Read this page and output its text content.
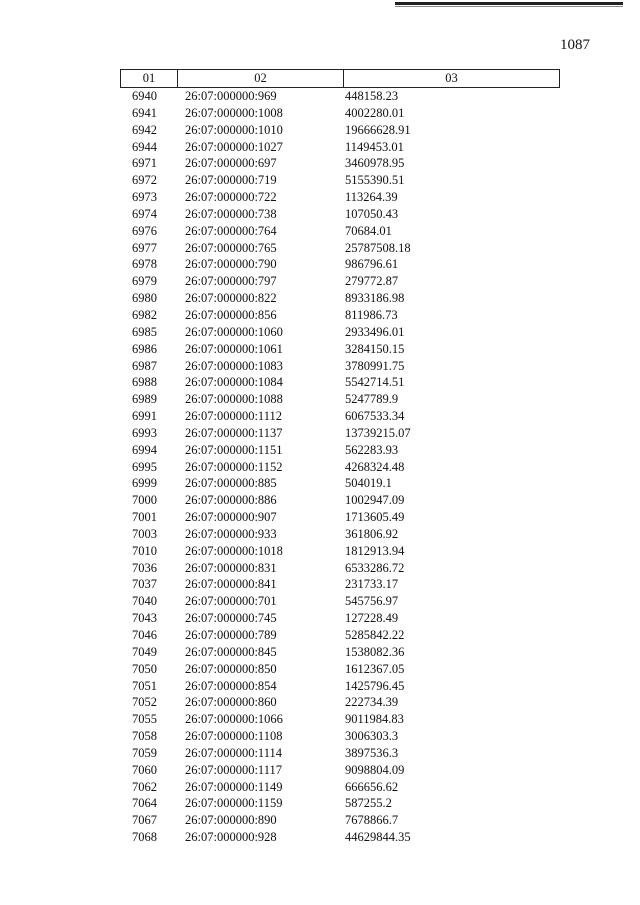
1087
01	02	03
6940 26:07:000000:969	448158.23
6941 26:07:000000:1008	4002280.01
6942 26:07:000000:1010	19666628.91
6944 26:07:000000:1027	1149453.01
6971 26:07:000000:697	3460978.95
6972 26:07:000000:719	5155390.51
6973 26:07:000000:722	113264.39
6974 26:07:000000:738	107050.43
6976 26:07:000000:764	70684.01
6977 26:07:000000:765	25787508.18
6978 26:07:000000:790	986796.61
6979 26:07:000000:797	279772.87
6980 26:07:000000:822	8933186.98
6982 26:07:000000:856	811986.73
6985 26:07:000000:1060	2933496.01
6986 26:07:000000:1061	3284150.15
6987 26:07:000000:1083	3780991.75
6988 26:07:000000:1084	5542714.51
6989 26:07:000000:1088	5247789.9
6991 26:07:000000:1112	6067533.34
6993 26:07:000000:1137	13739215.07
6994 26:07:000000:1151	562283.93
6995 26:07:000000:1152	4268324.48
6999 26:07:000000:885	504019.1
7000 26:07:000000:886	1002947.09
7001 26:07:000000:907	1713605.49
7003 26:07:000000:933	361806.92
7010 26:07:000000:1018	1812913.94
7036 26:07:000000:831	6533286.72
7037 26:07:000000:841	231733.17
7040 26:07:000000:701	545756.97
7043 26:07:000000:745	127228.49
7046 26:07:000000:789	5285842.22
7049 26:07:000000:845	1538082.36
7050 26:07:000000:850	1612367.05
7051 26:07:000000:854	1425796.45
7052 26:07:000000:860	222734.39
7055 26:07:000000:1066	9011984.83
7058 26:07:000000:1108	3006303.3
7059 26:07:000000:1114	3897536.3
7060 26:07:000000:1117	9098804.09
7062 26:07:000000:1149	666656.62
7064 26:07:000000:1159	587255.2
7067 26:07:000000:890	7678866.7
7068 26:07:000000:928	44629844.35
